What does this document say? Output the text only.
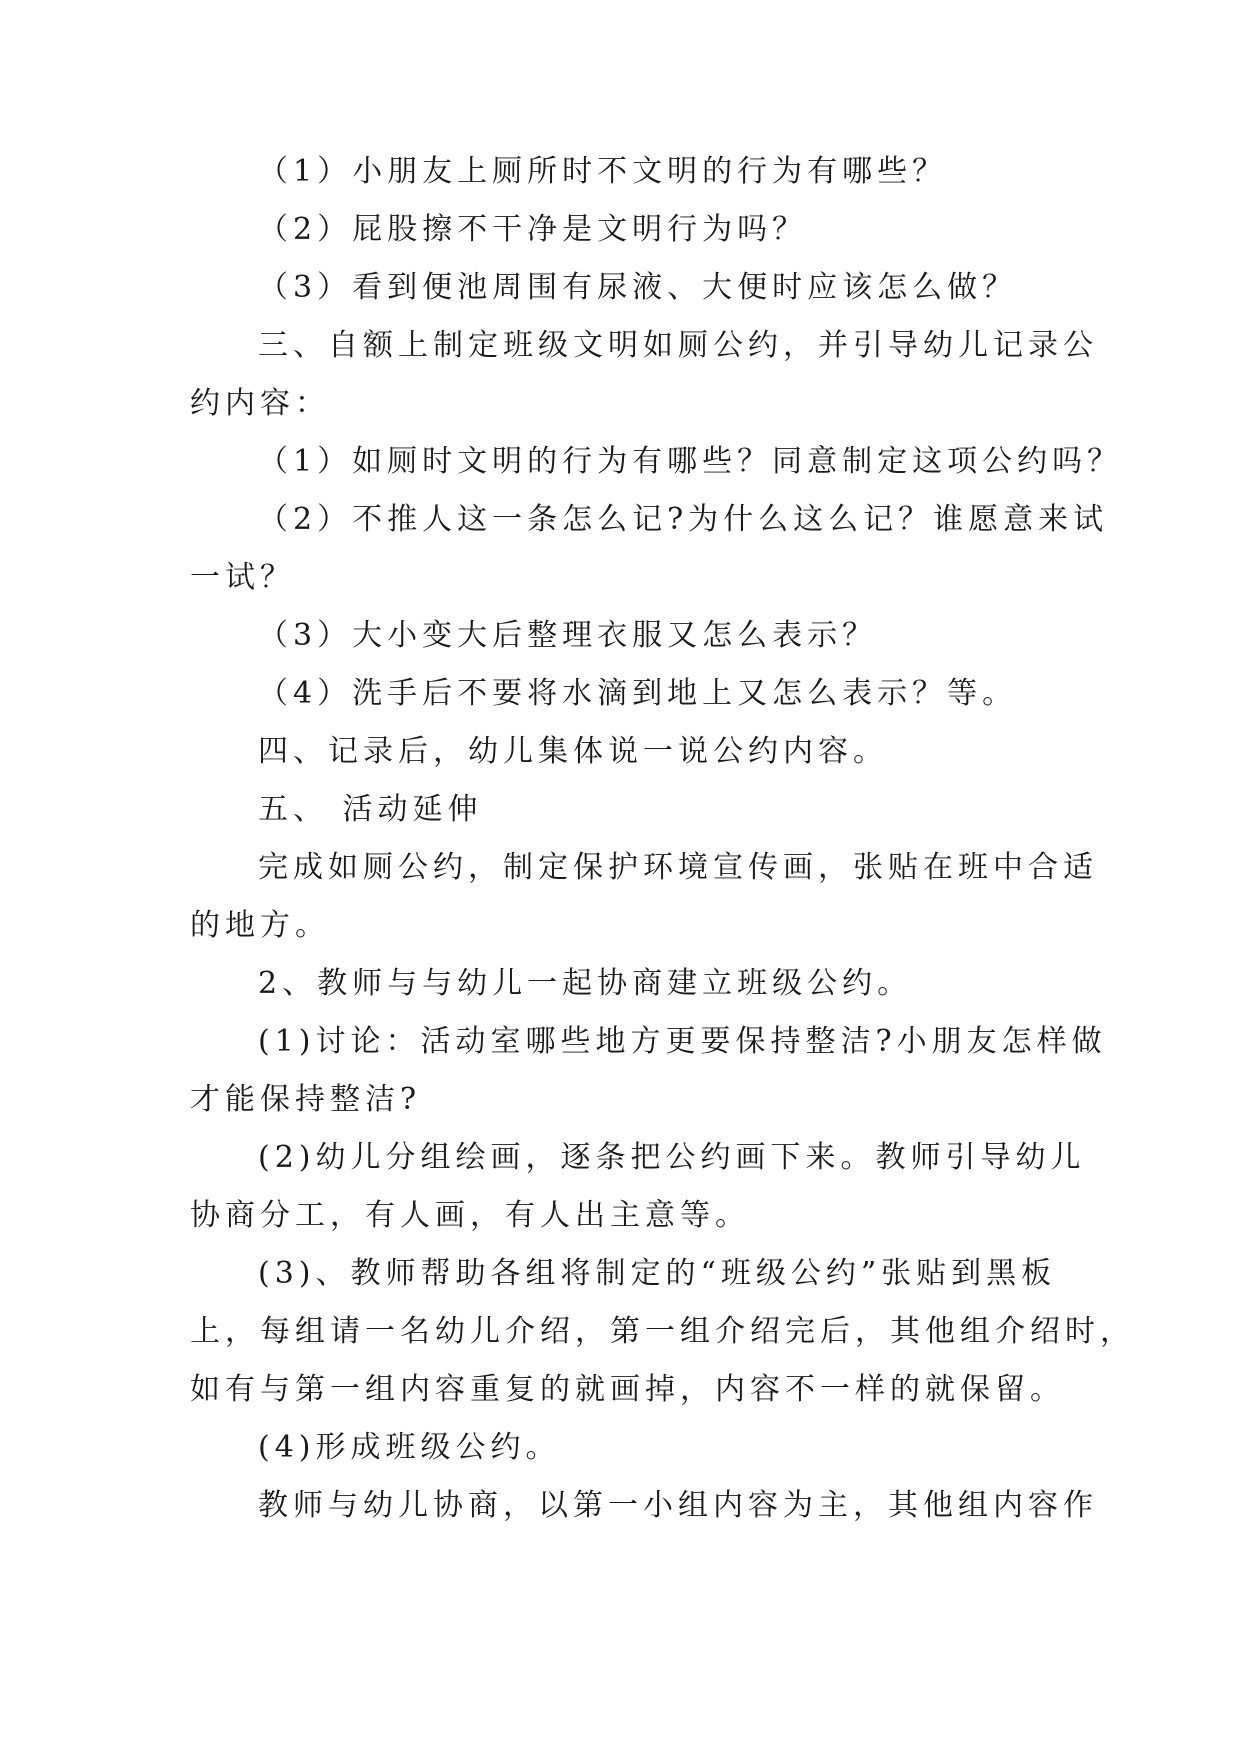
（1）小朋友上厕所时不文明的行为有哪些？
（2）屁股擦不干净是文明行为吗？
（3）看到便池周围有尿液、大便时应该怎么做？
三、自额上制定班级文明如厕公约，并引导幼儿记录公
约内容：
（1）如厕时文明的行为有哪些？同意制定这项公约吗？
（2）不推人这一条怎么记?为什么这么记？谁愿意来试
一试？
（3）大小变大后整理衣服又怎么表示？
（4）洗手后不要将水滴到地上又怎么表示？等。
四、记录后，幼儿集体说一说公约内容。
五、 活动延伸
完成如厕公约，制定保护环境宣传画，张贴在班中合适
的地方。
2、教师与与幼儿一起协商建立班级公约。
(1)讨论：活动室哪些地方更要保持整洁?小朋友怎样做
才能保持整洁?
(2)幼儿分组绘画，逐条把公约画下来。教师引导幼儿
协商分工，有人画，有人出主意等。
(3)、教师帮助各组将制定的“班级公约”张贴到黑板
上，每组请一名幼儿介绍，第一组介绍完后，其他组介绍时，
如有与第一组内容重复的就画掉，内容不一样的就保留。
(4)形成班级公约。
教师与幼儿协商，以第一小组内容为主，其他组内容作
